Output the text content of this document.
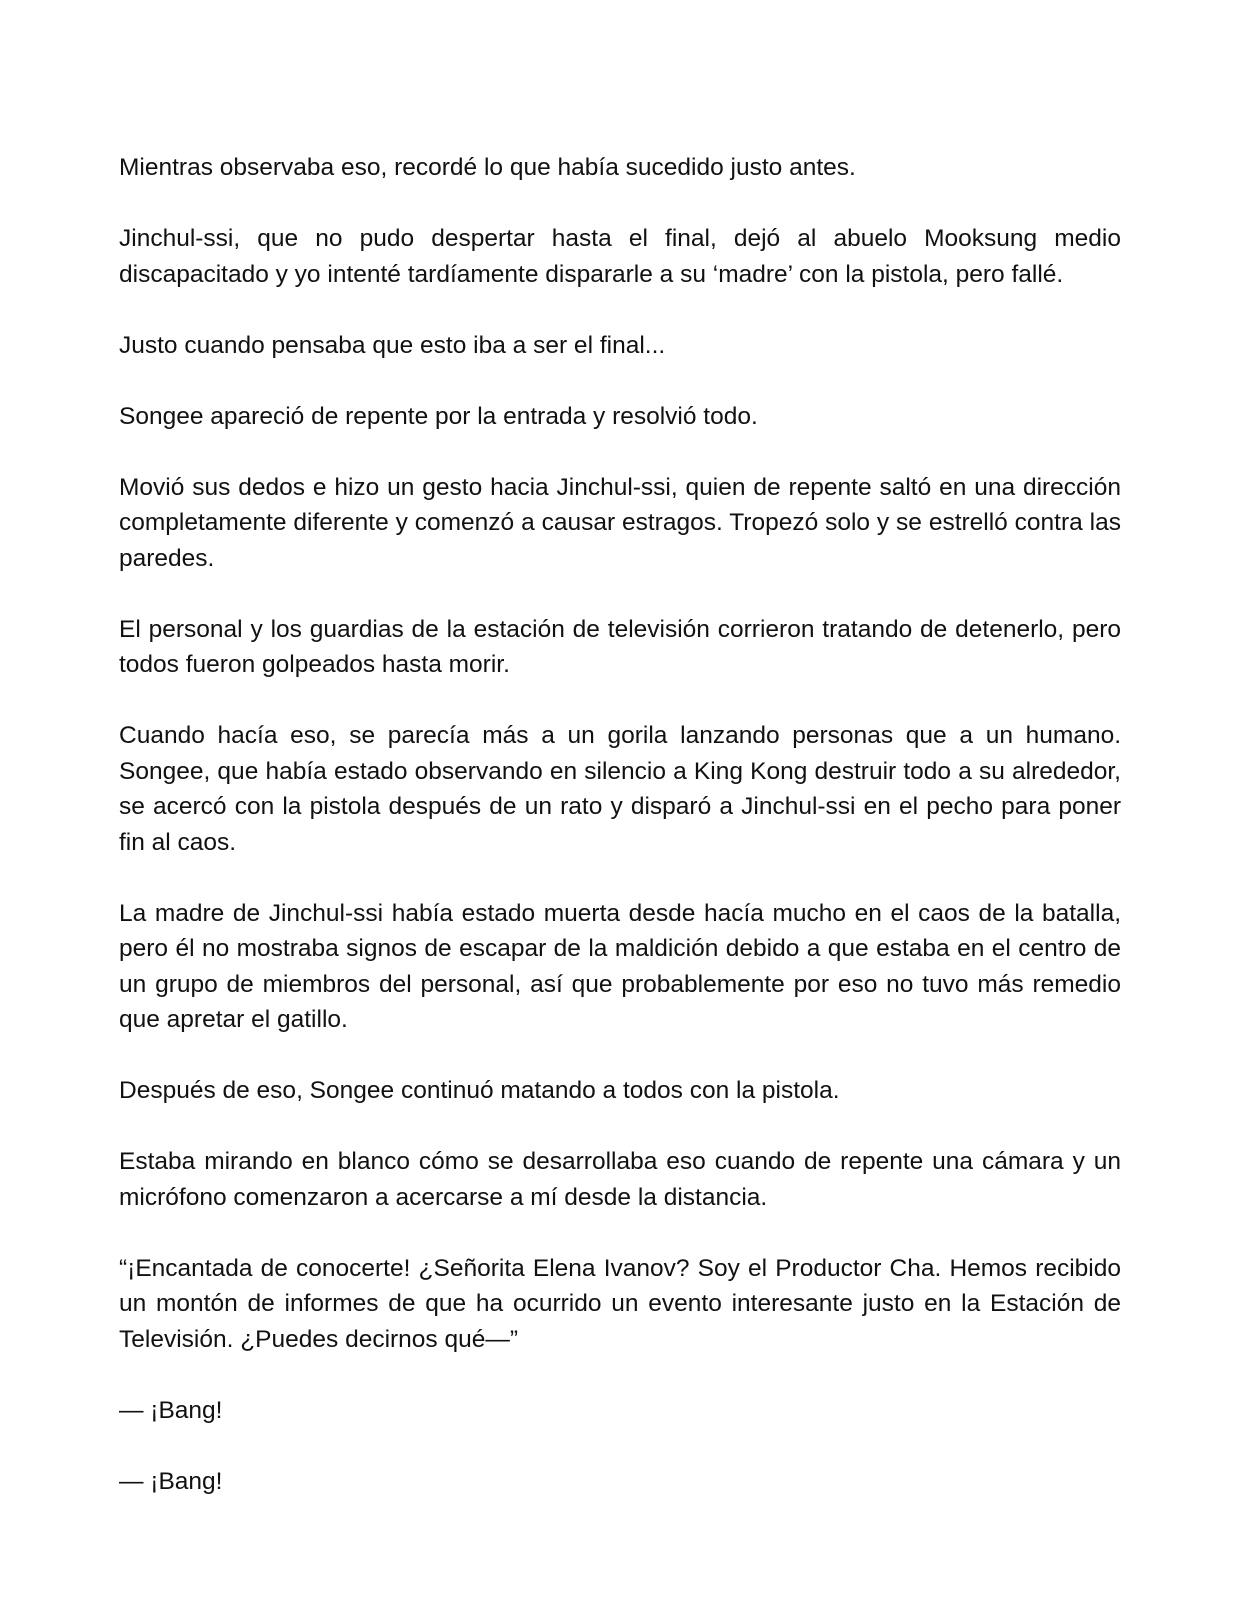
Mientras observaba eso, recordé lo que había sucedido justo antes.

Jinchul-ssi, que no pudo despertar hasta el final, dejó al abuelo Mooksung medio discapacitado y yo intenté tardíamente dispararle a su ‘madre’ con la pistola, pero fallé.

Justo cuando pensaba que esto iba a ser el final...

Songee apareció de repente por la entrada y resolvió todo.

Movió sus dedos e hizo un gesto hacia Jinchul-ssi, quien de repente saltó en una dirección completamente diferente y comenzó a causar estragos. Tropezó solo y se estrelló contra las paredes.

El personal y los guardias de la estación de televisión corrieron tratando de detenerlo, pero todos fueron golpeados hasta morir.

Cuando hacía eso, se parecía más a un gorila lanzando personas que a un humano. Songee, que había estado observando en silencio a King Kong destruir todo a su alrededor, se acercó con la pistola después de un rato y disparó a Jinchul-ssi en el pecho para poner fin al caos.

La madre de Jinchul-ssi había estado muerta desde hacía mucho en el caos de la batalla, pero él no mostraba signos de escapar de la maldición debido a que estaba en el centro de un grupo de miembros del personal, así que probablemente por eso no tuvo más remedio que apretar el gatillo.

Después de eso, Songee continuó matando a todos con la pistola.

Estaba mirando en blanco cómo se desarrollaba eso cuando de repente una cámara y un micrófono comenzaron a acercarse a mí desde la distancia.

“¡Encantada de conocerte! ¿Señorita Elena Ivanov? Soy el Productor Cha. Hemos recibido un montón de informes de que ha ocurrido un evento interesante justo en la Estación de Televisión. ¿Puedes decirnos qué—”

— ¡Bang!

— ¡Bang!
